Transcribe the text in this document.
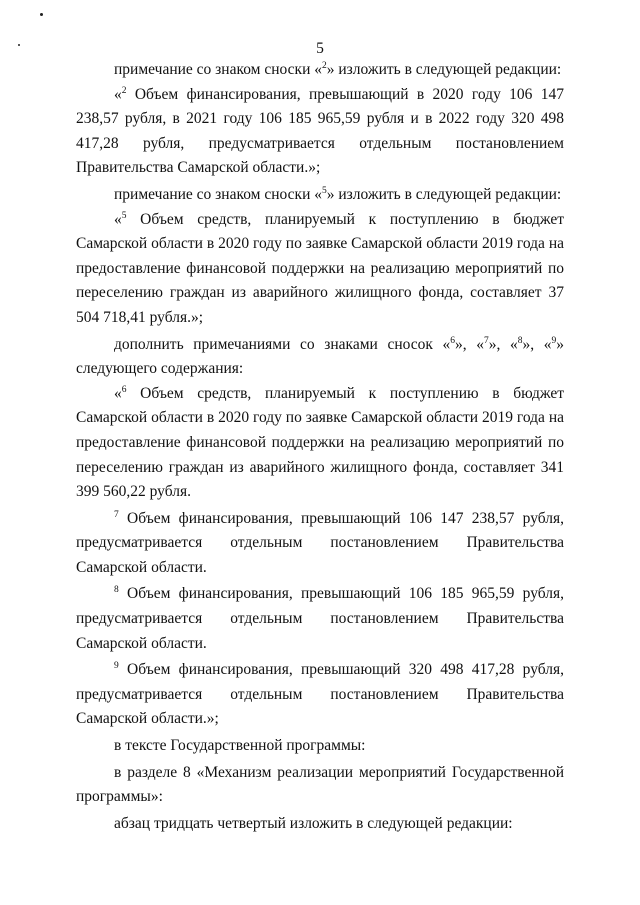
5

примечание со знаком сноски «$^2$» изложить в следующей редакции:

«$^2$ Объем финансирования, превышающий в 2020 году 106 147 238,57 рубля, в 2021 году 106 185 965,59 рубля и в 2022 году 320 498 417,28 рубля, предусматривается отдельным постановлением Правительства Самарской области.»;

примечание со знаком сноски «$^5$» изложить в следующей редакции:

«$^5$ Объем средств, планируемый к поступлению в бюджет Самарской области в 2020 году по заявке Самарской области 2019 года на предоставление финансовой поддержки на реализацию мероприятий по переселению граждан из аварийного жилищного фонда, составляет 37 504 718,41 рубля.»;

дополнить примечаниями со знаками сносок «$^6$», «$^7$», «$^8$», «$^9$» следующего содержания:

«$^6$ Объем средств, планируемый к поступлению в бюджет Самарской области в 2020 году по заявке Самарской области 2019 года на предоставление финансовой поддержки на реализацию мероприятий по переселению граждан из аварийного жилищного фонда, составляет 341 399 560,22 рубля.

$^7$ Объем финансирования, превышающий 106 147 238,57 рубля, предусматривается отдельным постановлением Правительства Самарской области.

$^8$ Объем финансирования, превышающий 106 185 965,59 рубля, предусматривается отдельным постановлением Правительства Самарской области.

$^9$ Объем финансирования, превышающий 320 498 417,28 рубля, предусматривается отдельным постановлением Правительства Самарской области.»;

в тексте Государственной программы:

в разделе 8 «Механизм реализации мероприятий Государственной программы»:

абзац тридцать четвертый изложить в следующей редакции:
